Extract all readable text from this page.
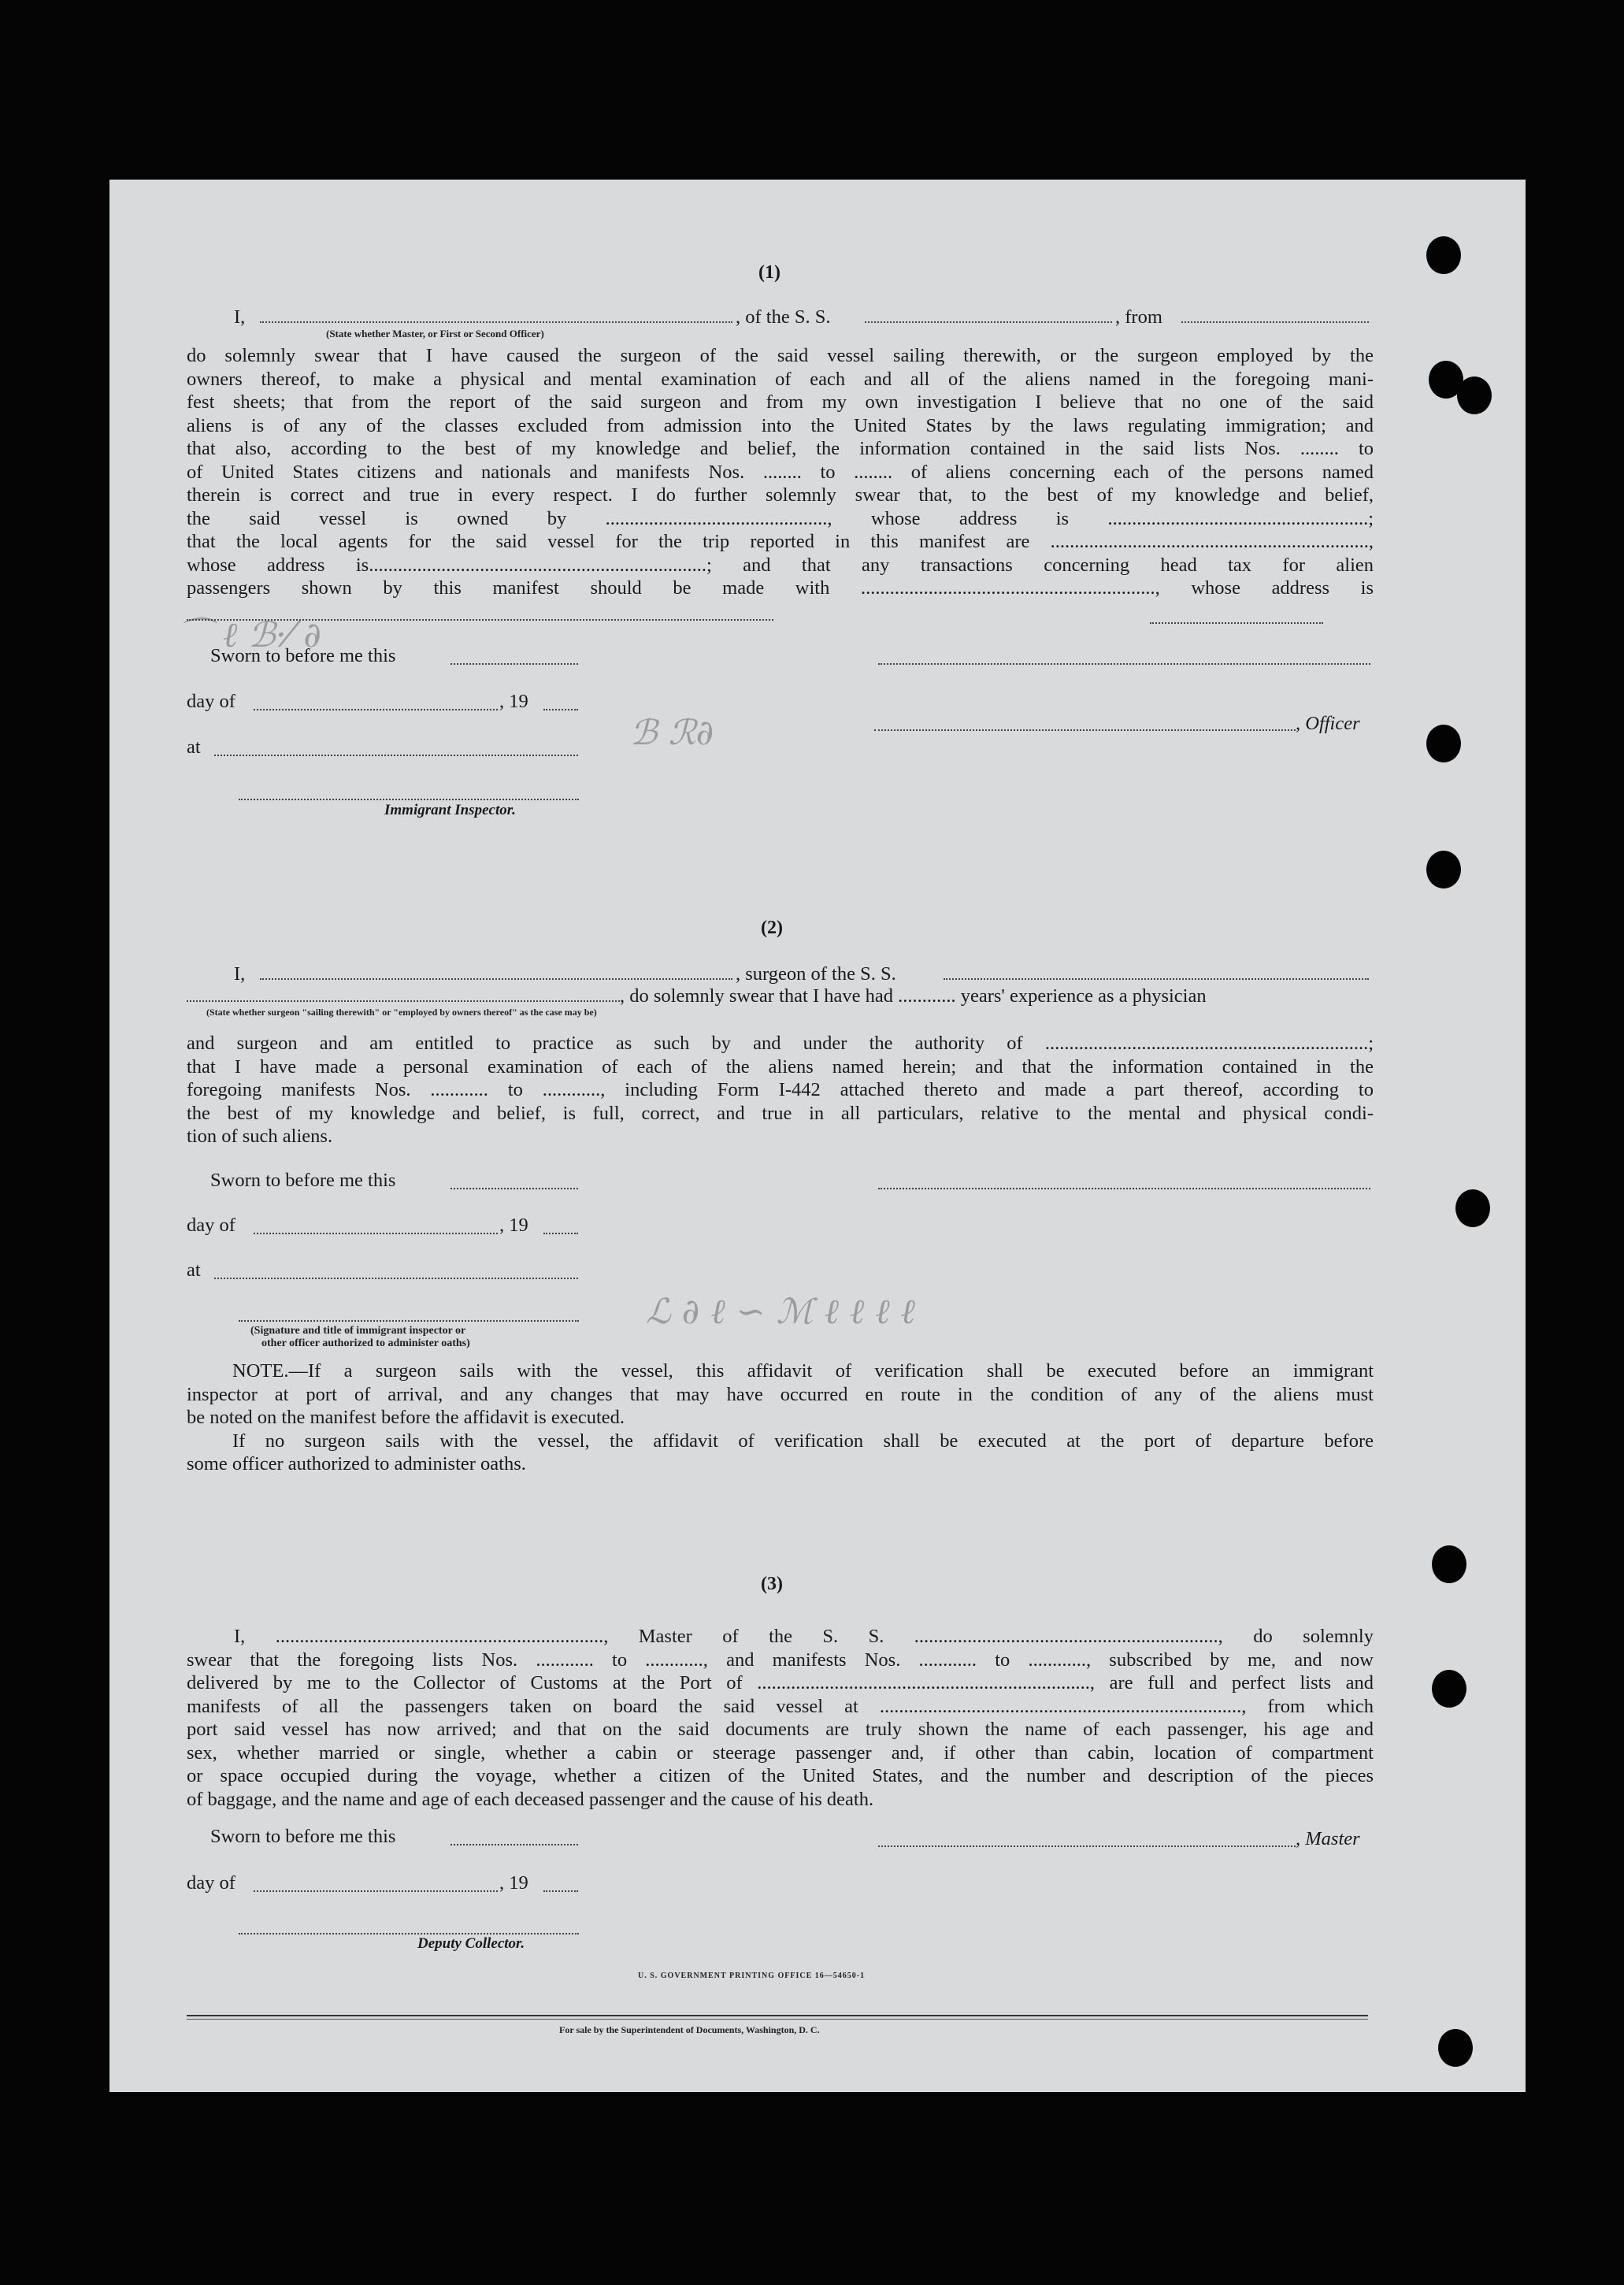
⌒ ℓ ℬ·⁄ ∂
ℬ ℛ∂
ℒ ∂ ℓ ∽ ℳ ℓ ℓ ℓ ℓ
(1)
I,
(State whether Master, or First or Second Officer)
, of the S. S.	, from
do solemnly swear that I have caused the surgeon of the said vessel sailing therewith, or the surgeon employed by the
owners thereof, to make a physical and mental examination of each and all of the aliens named in the foregoing mani-
fest sheets; that from the report of the said surgeon and from my own investigation I believe that no one of the said
aliens is of any of the classes excluded from admission into the United States by the laws regulating immigration; and
that also, according to the best of my knowledge and belief, the information contained in the said lists Nos. ........ to
of United States citizens and nationals and manifests Nos. ........ to ........ of aliens concerning each of the persons named
therein is correct and true in every respect. I do further solemnly swear that, to the best of my knowledge and belief,
the said vessel is owned by .............................................., whose address is ......................................................;
that the local agents for the said vessel for the trip reported in this manifest are ..................................................................,
whose address is......................................................................; and that any transactions concerning head tax for alien
passengers shown by this manifest should be made with ............................................................., whose address is
Sworn to before me this
day of	, 19
, Officer
at
Immigrant Inspector.
(2)
I,	, surgeon of the S. S.
, do solemnly swear that I have had ............ years' experience as a physician
(State whether surgeon "sailing therewith" or "employed by owners thereof" as the case may be)
and surgeon and am entitled to practice as such by and under the authority of ...................................................................;
that I have made a personal examination of each of the aliens named herein; and that the information contained in the
foregoing manifests Nos. ............ to ............, including Form I-442 attached thereto and made a part thereof, according to
the best of my knowledge and belief, is full, correct, and true in all particulars, relative to the mental and physical condi-
tion of such aliens.
Sworn to before me this
day of	, 19
at
(Signature and title of immigrant inspector or
other officer authorized to administer oaths)
NOTE.—If a surgeon sails with the vessel, this affidavit of verification shall be executed before an immigrant
inspector at port of arrival, and any changes that may have occurred en route in the condition of any of the aliens must
be noted on the manifest before the affidavit is executed.
If no surgeon sails with the vessel, the affidavit of verification shall be executed at the port of departure before
some officer authorized to administer oaths.
(3)
I, ...................................................................., Master of the S. S. ..............................................................., do solemnly
swear that the foregoing lists Nos. ............ to ............, and manifests Nos. ............ to ............, subscribed by me, and now
delivered by me to the Collector of Customs at the Port of ....................................................................., are full and perfect lists and
manifests of all the passengers taken on board the said vessel at ..........................................................................., from which
port said vessel has now arrived; and that on the said documents are truly shown the name of each passenger, his age and
sex, whether married or single, whether a cabin or steerage passenger and, if other than cabin, location of compartment
or space occupied during the voyage, whether a citizen of the United States, and the number and description of the pieces
of baggage, and the name and age of each deceased passenger and the cause of his death.
Sworn to before me this	, Master
day of	, 19
Deputy Collector.
U. S. GOVERNMENT PRINTING OFFICE 16—54650-1
For sale by the Superintendent of Documents, Washington, D. C.
